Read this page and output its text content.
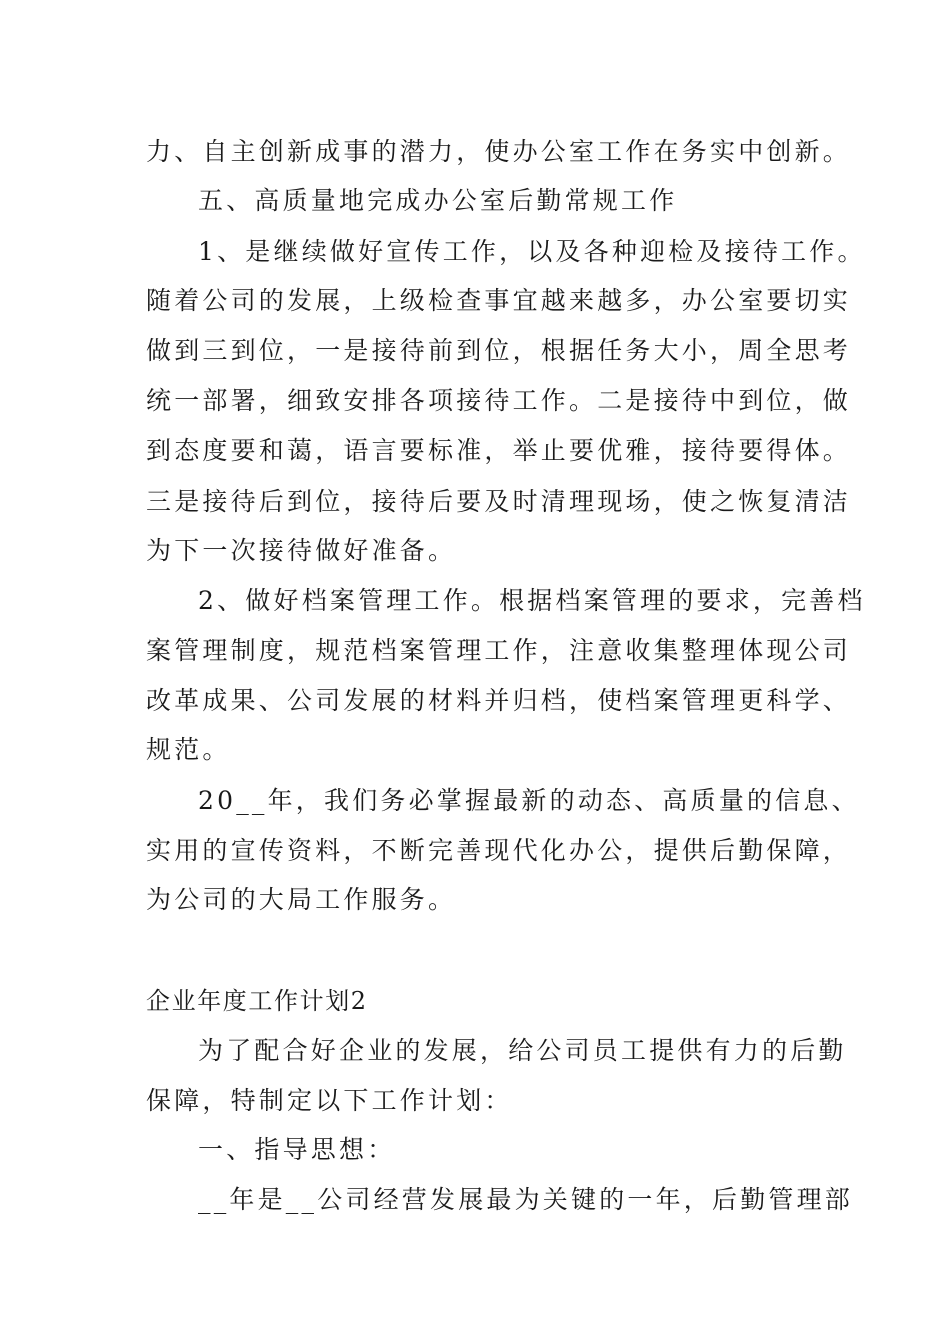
力、自主创新成事的潜力，使办公室工作在务实中创新。
五、高质量地完成办公室后勤常规工作
1、是继续做好宣传工作，以及各种迎检及接待工作。
随着公司的发展，上级检查事宜越来越多，办公室要切实
做到三到位，一是接待前到位，根据任务大小，周全思考
统一部署，细致安排各项接待工作。二是接待中到位，做
到态度要和蔼，语言要标准，举止要优雅，接待要得体。
三是接待后到位，接待后要及时清理现场，使之恢复清洁
为下一次接待做好准备。
2、做好档案管理工作。根据档案管理的要求，完善档
案管理制度，规范档案管理工作，注意收集整理体现公司
改革成果、公司发展的材料并归档，使档案管理更科学、
规范。
20__年，我们务必掌握最新的动态、高质量的信息、
实用的宣传资料，不断完善现代化办公，提供后勤保障，
为公司的大局工作服务。
企业年度工作计划2
为了配合好企业的发展，给公司员工提供有力的后勤
保障，特制定以下工作计划：
一、指导思想：
__年是__公司经营发展最为关键的一年，后勤管理部
